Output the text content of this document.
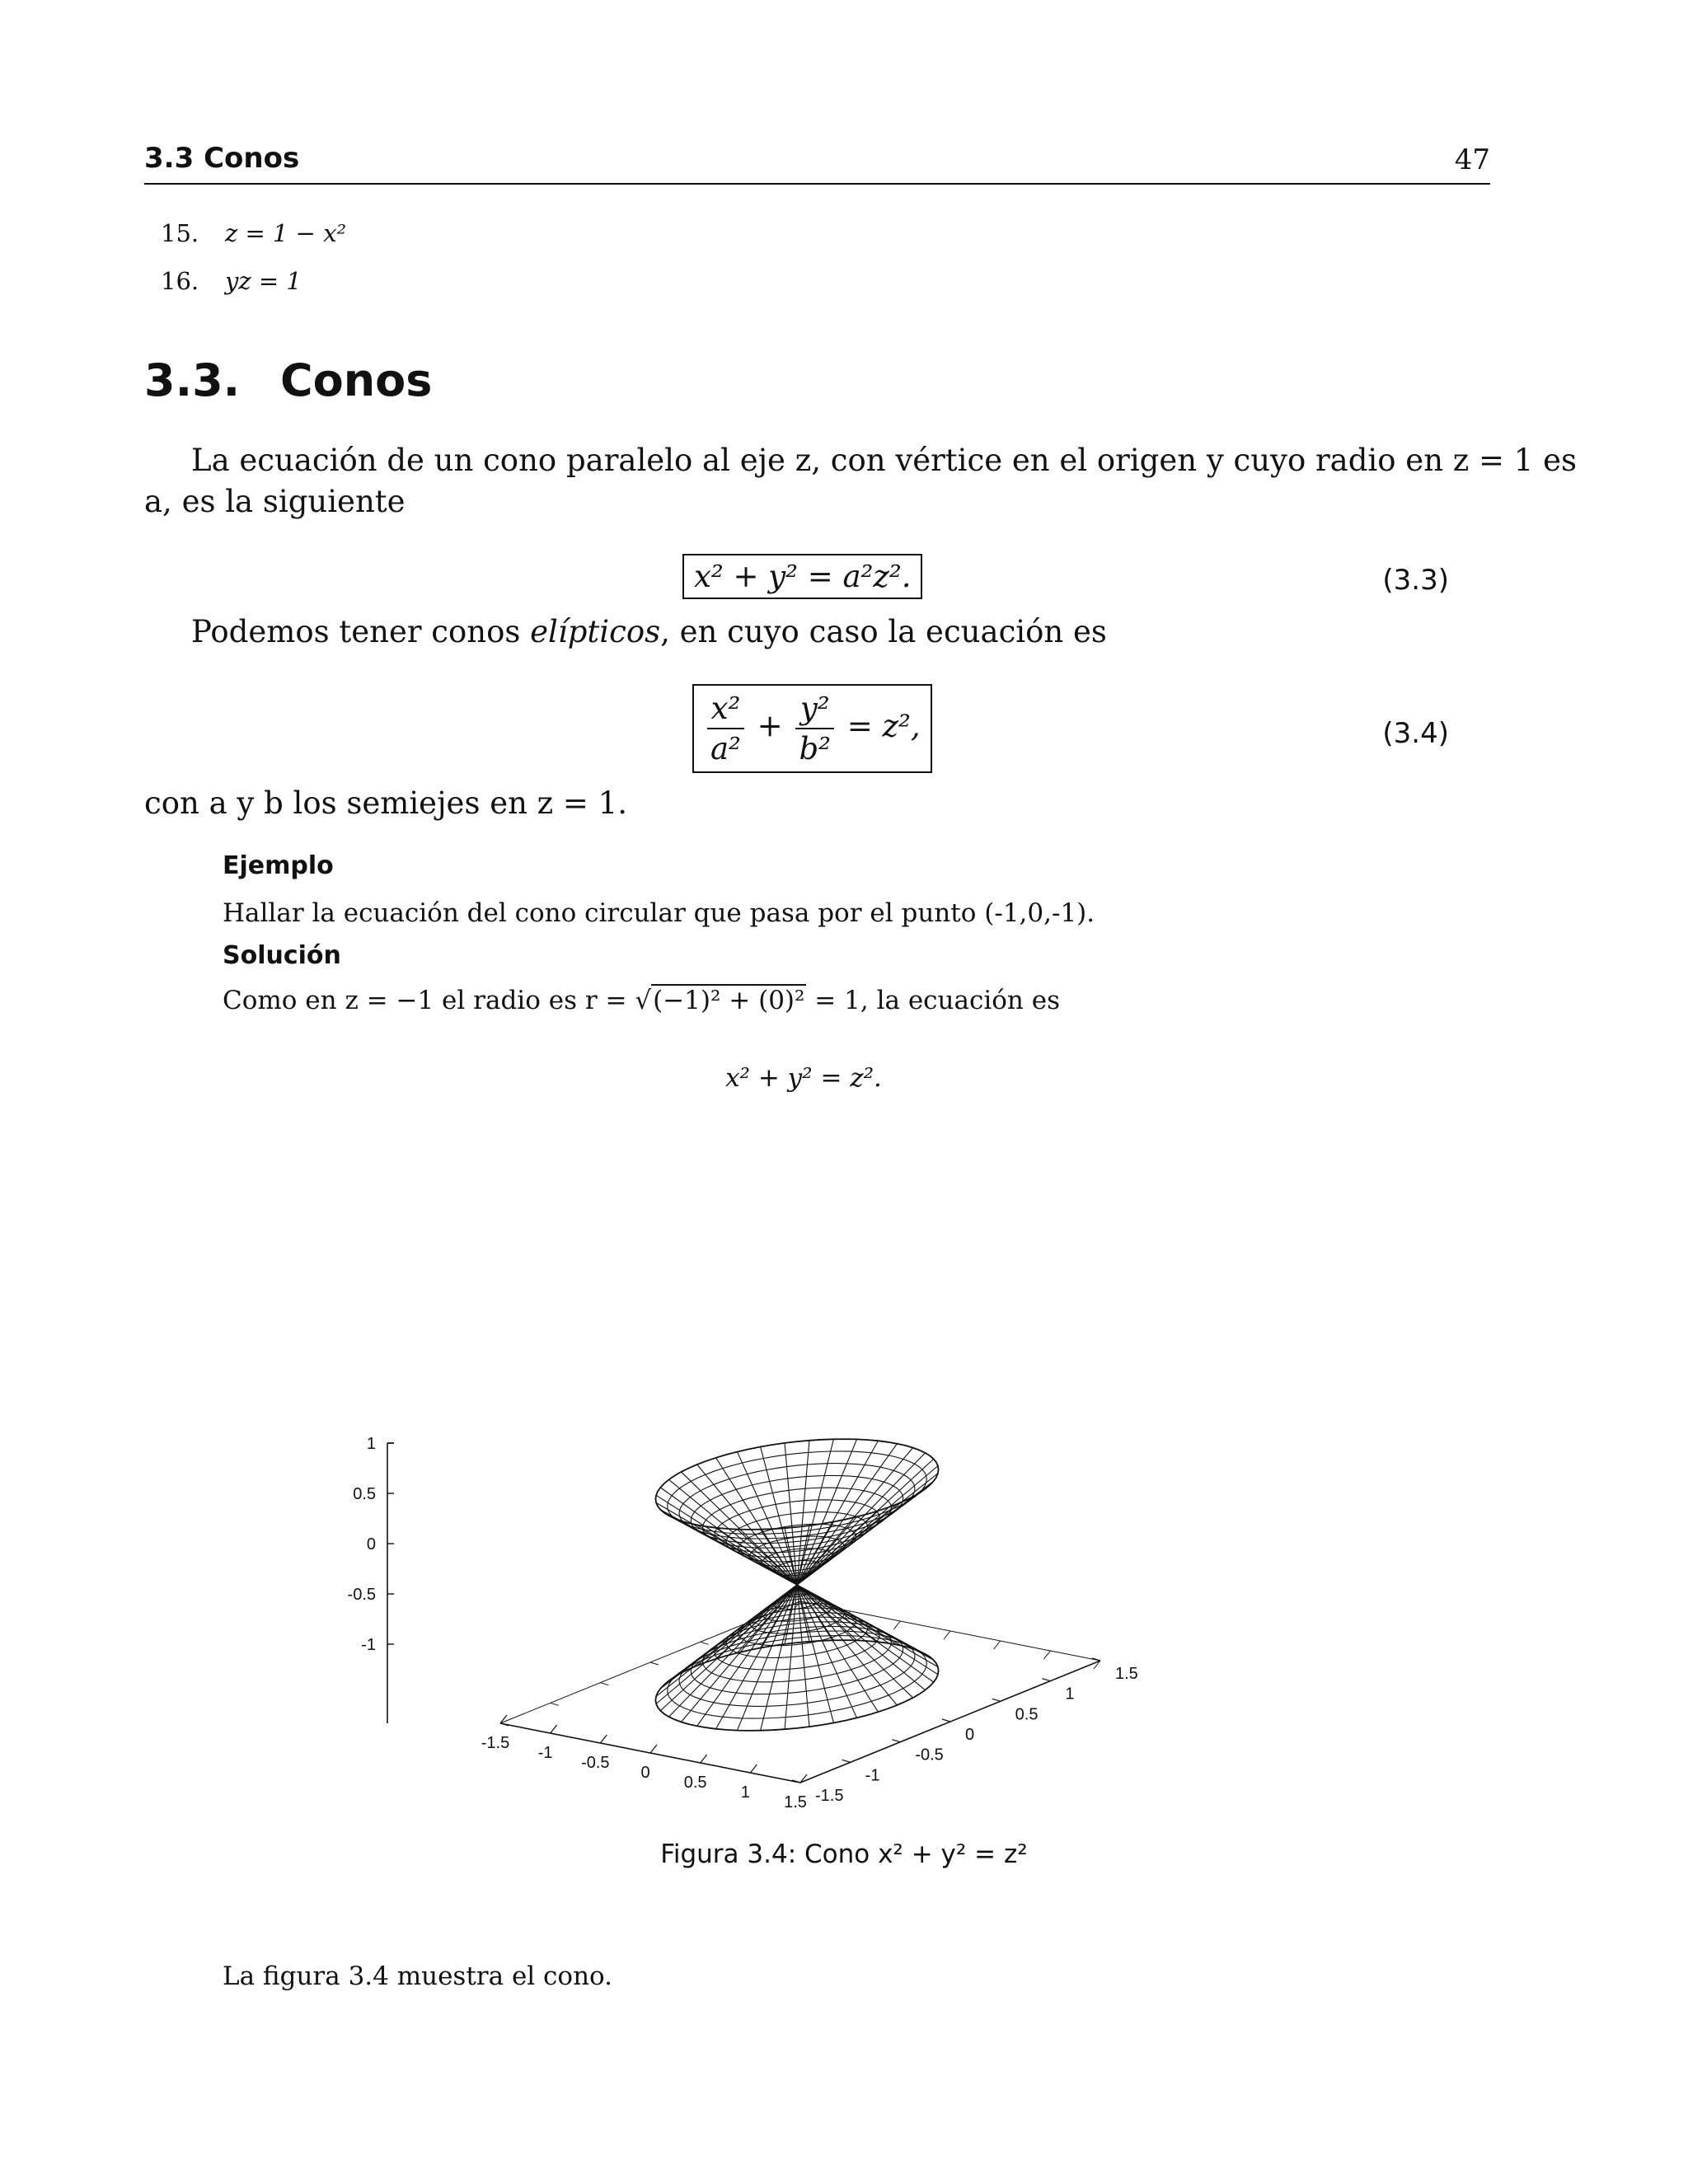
3.3 Conos	47
15. z = 1 − x²
16. yz = 1
3.3. Conos
La ecuación de un cono paralelo al eje z, con vértice en el origen y cuyo radio en z = 1 es
a, es la siguiente
x² + y² = a²z².	(3.3)
Podemos tener conos elípticos, en cuyo caso la ecuación es
$\frac{\text{x²}}{\text{a²}} + \frac{\text{y²}}{\text{b²}} = z^2$,	(3.4)
con a y b los semiejes en z = 1.
Ejemplo
Hallar la ecuación del cono circular que pasa por el punto (-1,0,-1).
Solución
Como en z = −1 el radio es r = √(−1)² + (0)² = 1, la ecuación es
x² + y² = z².
1
0.5
0
-0.5
-1
-1.5
-1
-0.5
0
0.5
1
1.5 -1.5
-1
-0.5
0
0.5
1
1.5
Figura 3.4: Cono x² + y² = z²
La figura 3.4 muestra el cono.
